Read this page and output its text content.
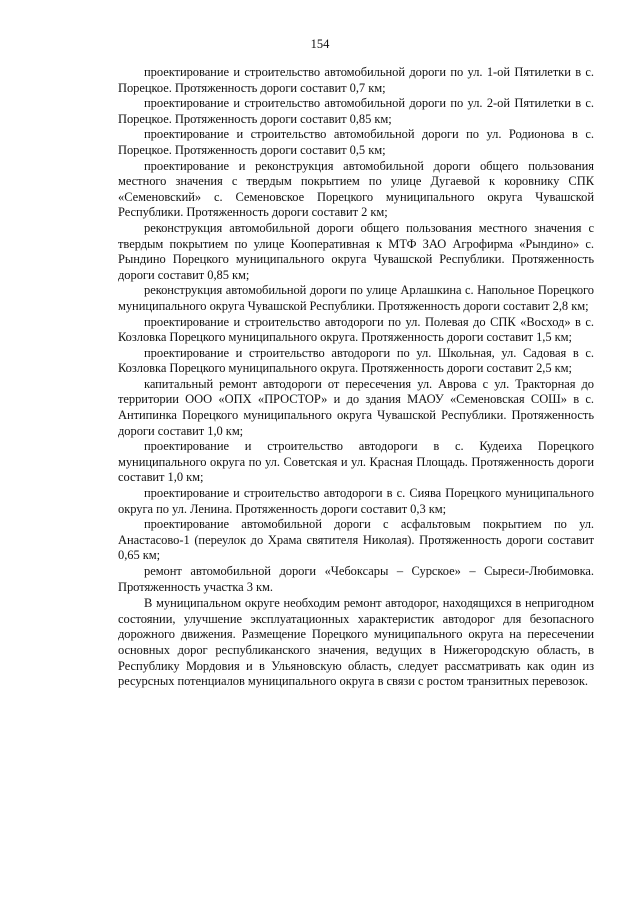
154

проектирование и строительство автомобильной дороги по ул. 1-ой Пятилетки в с. Порецкое. Протяженность дороги составит 0,7 км;

проектирование и строительство автомобильной дороги по ул. 2-ой Пятилетки в с. Порецкое. Протяженность дороги составит 0,85 км;

проектирование и строительство автомобильной дороги по ул. Родионова в с. Порецкое. Протяженность дороги составит 0,5 км;

проектирование и реконструкция автомобильной дороги общего пользования местного значения с твердым покрытием по улице Дугаевой к коровнику СПК «Семеновский» с. Семеновское Порецкого муниципального округа Чувашской Республики. Протяженность дороги составит 2 км;

реконструкция автомобильной дороги общего пользования местного значения с твердым покрытием по улице Кооперативная к МТФ ЗАО Агрофирма «Рындино» с. Рындино Порецкого муниципального округа Чувашской Республики. Протяженность дороги составит 0,85 км;

реконструкция автомобильной дороги по улице Арлашкина с. Напольное Порецкого муниципального округа Чувашской Республики. Протяженность дороги составит 2,8 км;

проектирование и строительство автодороги по ул. Полевая до СПК «Восход» в с. Козловка Порецкого муниципального округа. Протяженность дороги составит 1,5 км;

проектирование и строительство автодороги по ул. Школьная, ул. Садовая в с. Козловка Порецкого муниципального округа. Протяженность дороги составит 2,5 км;

капитальный ремонт автодороги от пересечения ул. Аврова с ул. Тракторная до территории ООО «ОПХ «ПРОСТОР» и до здания МАОУ «Семеновская СОШ» в с. Антипинка Порецкого муниципального округа Чувашской Республики. Протяженность дороги составит 1,0 км;

проектирование и строительство автодороги в с. Кудеиха Порецкого муниципального округа по ул. Советская и ул. Красная Площадь. Протяженность дороги составит 1,0 км;

проектирование и строительство автодороги в с. Сиява Порецкого муниципального округа по ул. Ленина. Протяженность дороги составит 0,3 км;

проектирование автомобильной дороги с асфальтовым покрытием по ул. Анастасово-1 (переулок до Храма святителя Николая). Протяженность дороги составит 0,65 км;

ремонт автомобильной дороги «Чебоксары – Сурское» – Сыреси-Любимовка. Протяженность участка 3 км.

В муниципальном округе необходим ремонт автодорог, находящихся в непригодном состоянии, улучшение эксплуатационных характеристик автодорог для безопасного дорожного движения. Размещение Порецкого муниципального округа на пересечении основных дорог республиканского значения, ведущих в Нижегородскую область, в Республику Мордовия и в Ульяновскую область, следует рассматривать как один из ресурсных потенциалов муниципального округа в связи с ростом транзитных перевозок.
